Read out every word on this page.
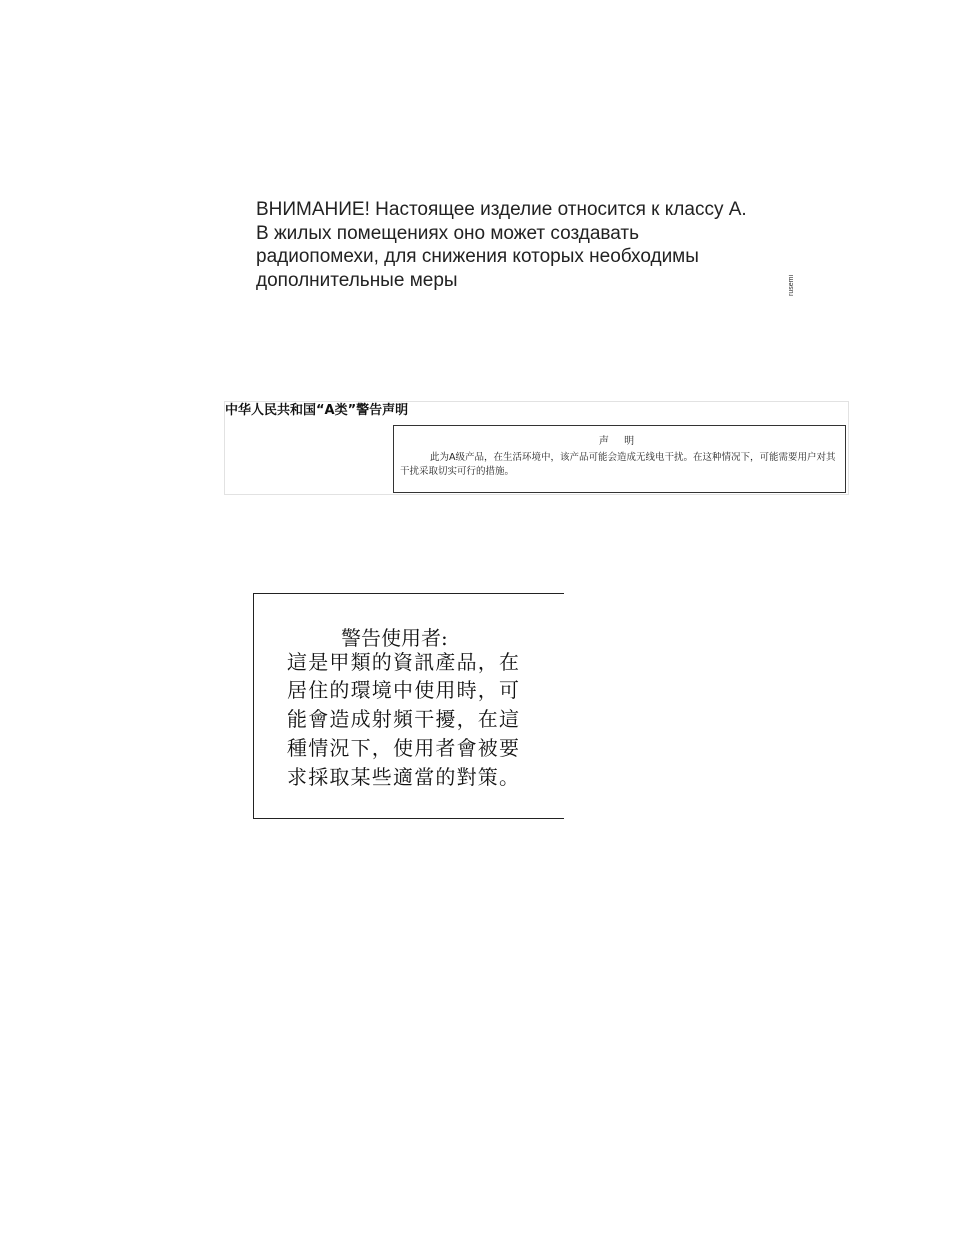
ВНИМАНИЕ! Настоящее изделие относится к классу А.
В жилых помещениях оно может создавать
радиопомехи, для снижения которых необходимы
дополнительные меры	rusemi
中华人民共和国“A类”警告声明
声 明
此为A级产品，在生活环境中，该产品可能会造成无线电干扰。在这种情况下，可能需要用户对其干扰采取切实可行的措施。
警告使用者:
這是甲類的資訊產品，在
居住的環境中使用時，可
能會造成射頻干擾，在這
種情況下，使用者會被要
求採取某些適當的對策。
